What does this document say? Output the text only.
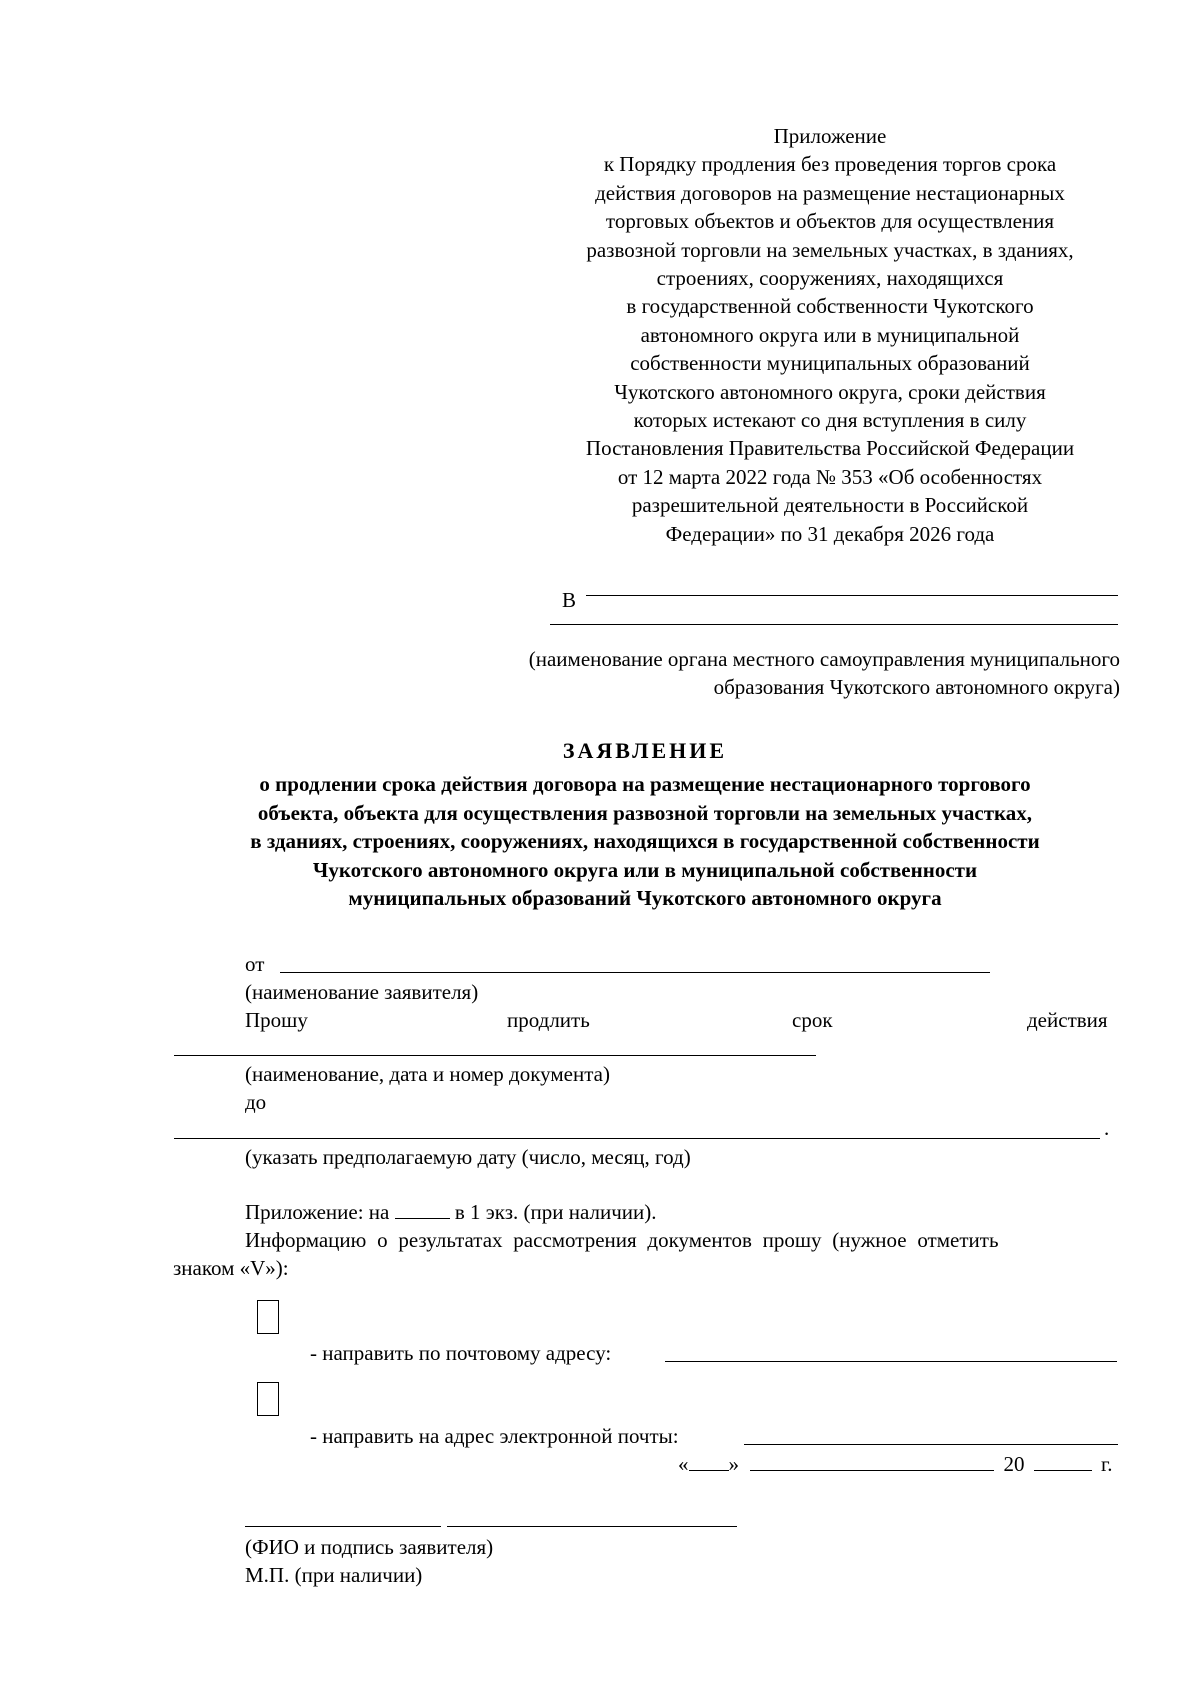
Приложение
к Порядку продления без проведения торгов срока
действия договоров на размещение нестационарных
торговых объектов и объектов для осуществления
развозной торговли на земельных участках, в зданиях,
строениях, сооружениях, находящихся
в государственной собственности Чукотского
автономного округа или в муниципальной
собственности муниципальных образований
Чукотского автономного округа, сроки действия
которых истекают со дня вступления в силу
Постановления Правительства Российской Федерации
от 12 марта 2022 года № 353 «Об особенностях
разрешительной деятельности в Российской
Федерации» по 31 декабря 2026 года
В
(наименование органа местного самоуправления муниципального
образования Чукотского автономного округа)
ЗАЯВЛЕНИЕ
о продлении срока действия договора на размещение нестационарного торгового
объекта, объекта для осуществления развозной торговли на земельных участках,
в зданиях, строениях, сооружениях, находящихся в государственной собственности
Чукотского автономного округа или в муниципальной собственности
муниципальных образований Чукотского автономного округа
от
(наименование заявителя)
Прошу	продлить	срок	действия
(наименование, дата и номер документа)
до
.
(указать предполагаемую дату (число, месяц, год)
Приложение: на	в 1 экз. (при наличии).
Информацию о результатах рассмотрения документов прошу (нужное отметить
знаком «V»):
- направить по почтовому адресу:
- направить на адрес электронной почты:
« »	20	г.
(ФИО и подпись заявителя)
М.П. (при наличии)
